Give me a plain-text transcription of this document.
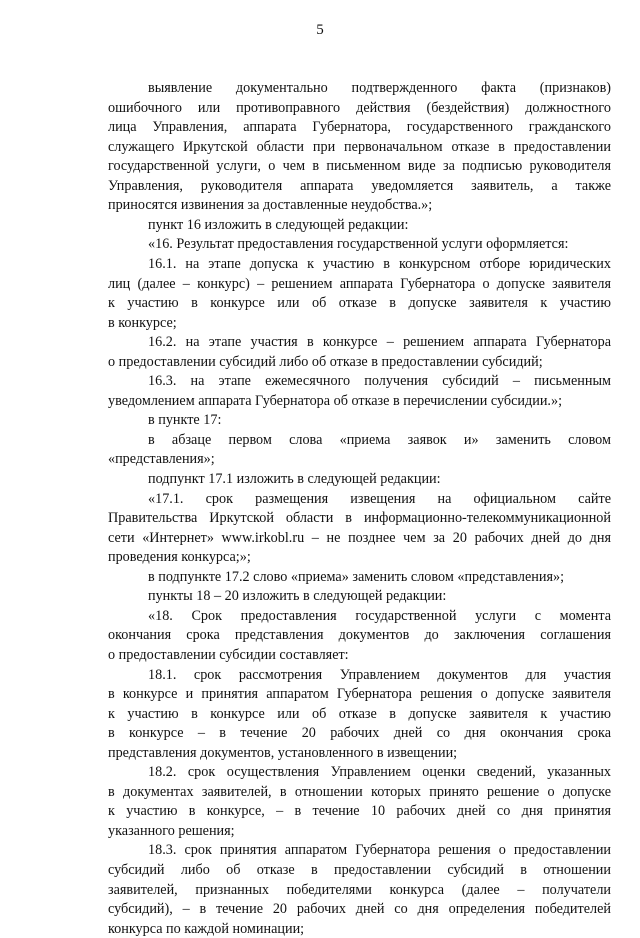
5
выявление документально подтвержденного факта (признаков)
ошибочного или противоправного действия (бездействия) должностного
лица Управления, аппарата Губернатора, государственного гражданского
служащего Иркутской области при первоначальном отказе в предоставлении
государственной услуги, о чем в письменном виде за подписью руководителя
Управления, руководителя аппарата уведомляется заявитель, а также
приносятся извинения за доставленные неудобства.»;
пункт 16 изложить в следующей редакции:
«16. Результат предоставления государственной услуги оформляется:
16.1. на этапе допуска к участию в конкурсном отборе юридических
лиц (далее – конкурс) – решением аппарата Губернатора о допуске заявителя
к участию в конкурсе или об отказе в допуске заявителя к участию
в конкурсе;
16.2. на этапе участия в конкурсе – решением аппарата Губернатора
о предоставлении субсидий либо об отказе в предоставлении субсидий;
16.3. на этапе ежемесячного получения субсидий – письменным
уведомлением аппарата Губернатора об отказе в перечислении субсидии.»;
в пункте 17:
в абзаце первом слова «приема заявок и» заменить словом
«представления»;
подпункт 17.1 изложить в следующей редакции:
«17.1. срок размещения извещения на официальном сайте
Правительства Иркутской области в информационно-телекоммуникационной
сети «Интернет» www.irkobl.ru – не позднее чем за 20 рабочих дней до дня
проведения конкурса;»;
в подпункте 17.2 слово «приема» заменить словом «представления»;
пункты 18 – 20 изложить в следующей редакции:
«18. Срок предоставления государственной услуги с момента
окончания срока представления документов до заключения соглашения
о предоставлении субсидии составляет:
18.1. срок рассмотрения Управлением документов для участия
в конкурсе и принятия аппаратом Губернатора решения о допуске заявителя
к участию в конкурсе или об отказе в допуске заявителя к участию
в конкурсе – в течение 20 рабочих дней со дня окончания срока
представления документов, установленного в извещении;
18.2. срок осуществления Управлением оценки сведений, указанных
в документах заявителей, в отношении которых принято решение о допуске
к участию в конкурсе, – в течение 10 рабочих дней со дня принятия
указанного решения;
18.3. срок принятия аппаратом Губернатора решения о предоставлении
субсидий либо об отказе в предоставлении субсидий в отношении
заявителей, признанных победителями конкурса (далее – получатели
субсидий), – в течение 20 рабочих дней со дня определения победителей
конкурса по каждой номинации;
